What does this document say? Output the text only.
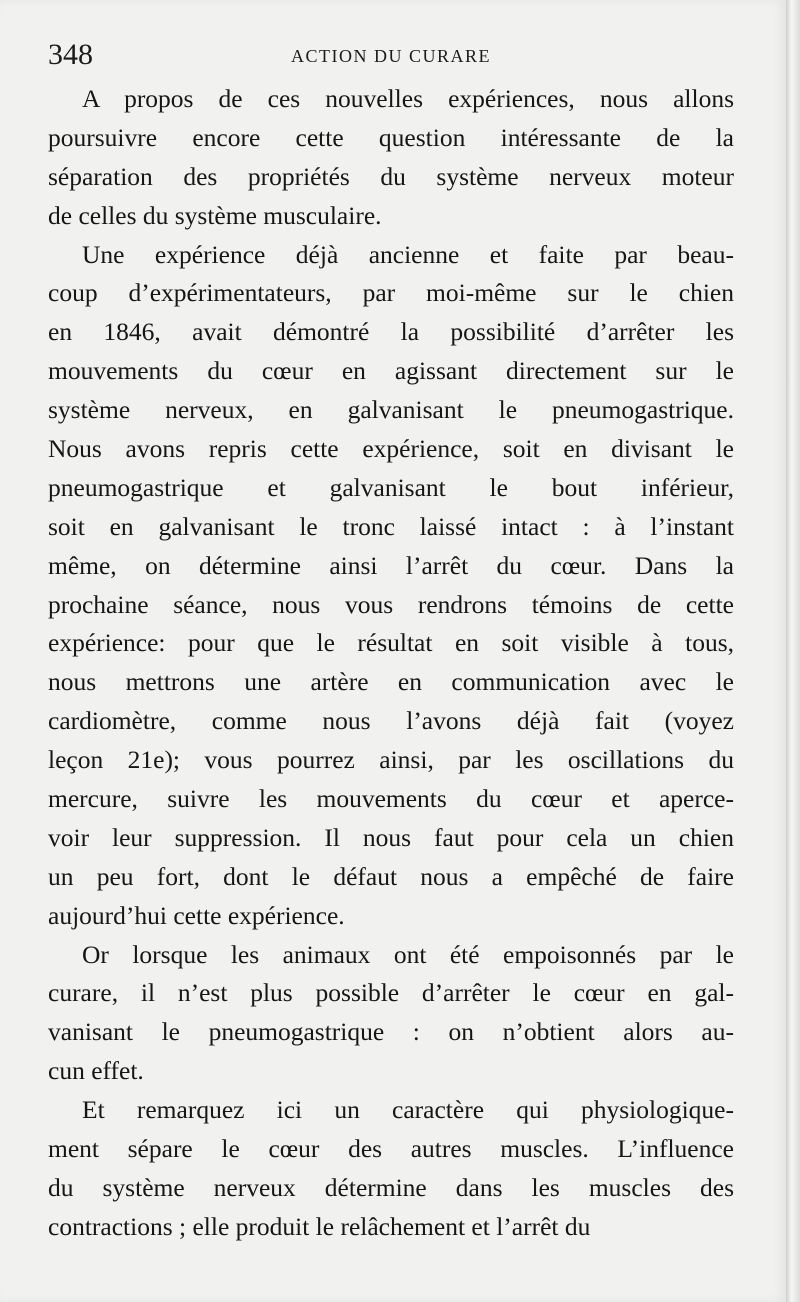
348	ACTION DU CURARE
A propos de ces nouvelles expériences, nous allons
poursuivre encore cette question intéressante de la
séparation des propriétés du système nerveux moteur
de celles du système musculaire.
Une expérience déjà ancienne et faite par beau-
coup d’expérimentateurs, par moi-même sur le chien
en 1846, avait démontré la possibilité d’arrêter les
mouvements du cœur en agissant directement sur le
système nerveux, en galvanisant le pneumogastrique.
Nous avons repris cette expérience, soit en divisant le
pneumogastrique et galvanisant le bout inférieur,
soit en galvanisant le tronc laissé intact : à l’instant
même, on détermine ainsi l’arrêt du cœur. Dans la
prochaine séance, nous vous rendrons témoins de cette
expérience: pour que le résultat en soit visible à tous,
nous mettrons une artère en communication avec le
cardiomètre, comme nous l’avons déjà fait (voyez
leçon 21e); vous pourrez ainsi, par les oscillations du
mercure, suivre les mouvements du cœur et aperce-
voir leur suppression. Il nous faut pour cela un chien
un peu fort, dont le défaut nous a empêché de faire
aujourd’hui cette expérience.
Or lorsque les animaux ont été empoisonnés par le
curare, il n’est plus possible d’arrêter le cœur en gal-
vanisant le pneumogastrique : on n’obtient alors au-
cun effet.
Et remarquez ici un caractère qui physiologique-
ment sépare le cœur des autres muscles. L’influence
du système nerveux détermine dans les muscles des
contractions ; elle produit le relâchement et l’arrêt du
